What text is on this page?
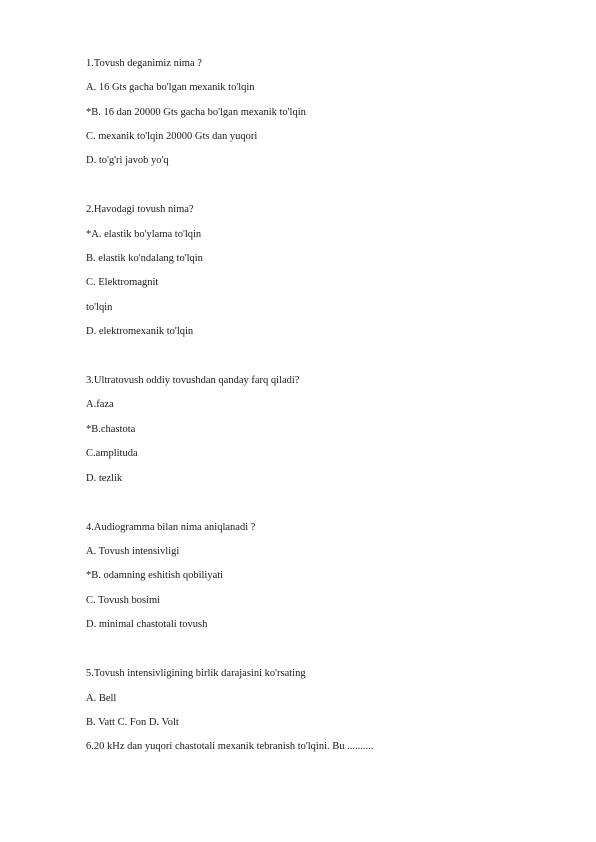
1.Tovush deganimiz nima ?
A. 16 Gts gacha bo'lgan mexanik to'lqin
*B. 16 dan 20000 Gts gacha bo'lgan mexanik to'lqin
C. mexanik to'lqin 20000 Gts dan yuqori
D. to'g'ri javob yo'q
2.Havodagi tovush nima?
*A. elastik bo'ylama to'lqin
B. elastik ko'ndalang to'lqin
C. Elektromagnit
to'lqin
D. elektromexanik to'lqin
3.Ultratovush oddiy tovushdan qanday farq qiladi?
A.faza
*B.chastota
C.amplituda
D. tezlik
4.Audiogramma bilan nima aniqlanadi ?
A. Tovush intensivligi
*B. odamning eshitish qobiliyati
C. Tovush bosimi
D. minimal chastotali tovush
5.Tovush intensivligining birlik darajasini ko'rsating
A. Bell
B. Vatt C. Fon D. Volt
6.20 kHz dan yuqori chastotali mexanik tebranish to'lqini. Bu ..........
